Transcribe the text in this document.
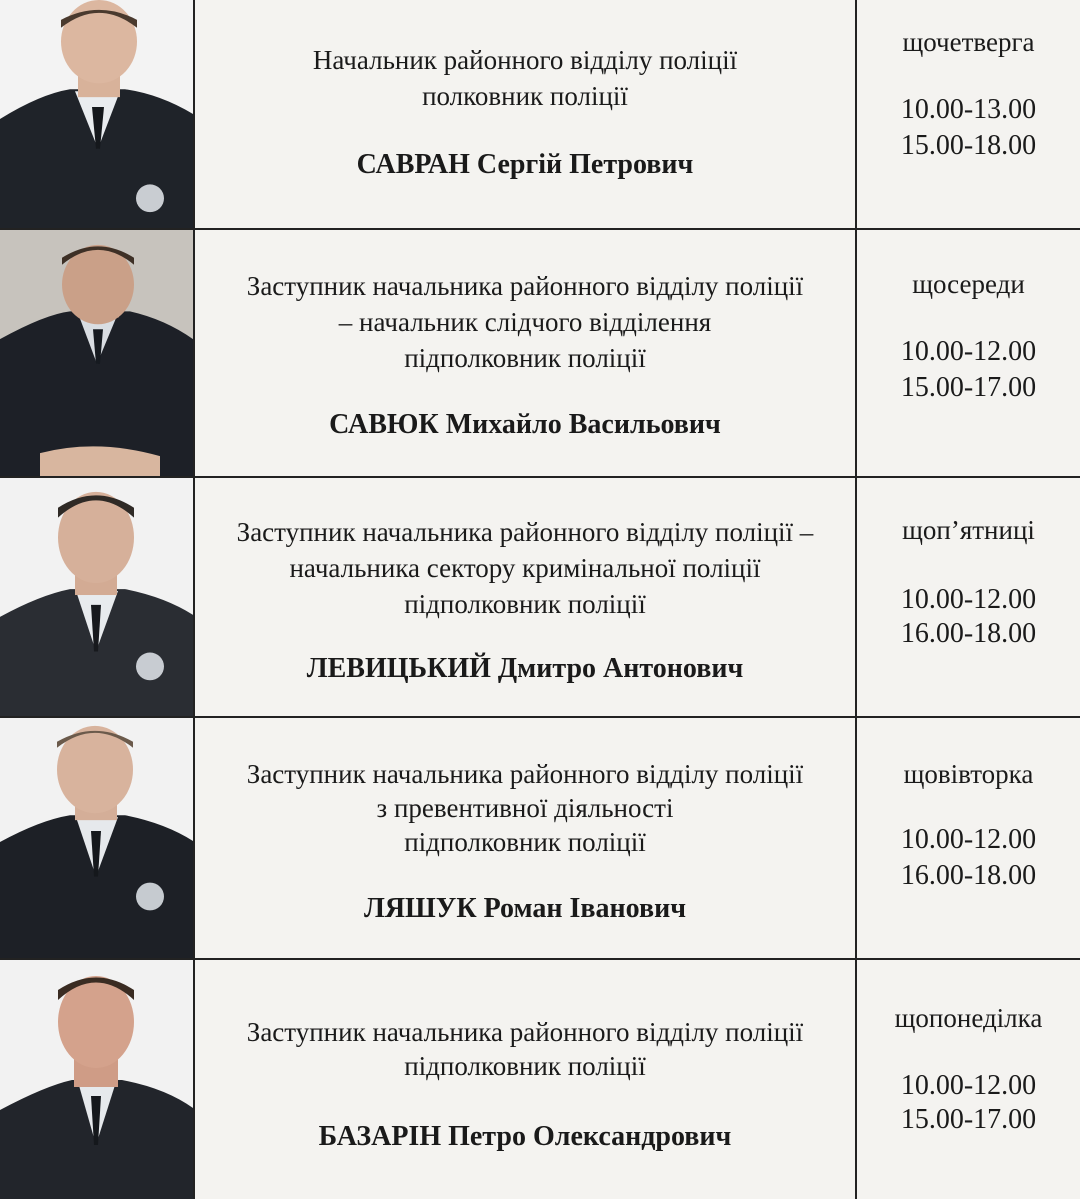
Начальник районного відділу поліції
полковник поліції
САВРАН Сергій Петрович
щочетверга
10.00-13.00
15.00-18.00
Заступник начальника районного відділу поліції
– начальник слідчого відділення
підполковник поліції
САВЮК Михайло Васильович
щосереди
10.00-12.00
15.00-17.00
Заступник начальника районного відділу поліції –
начальника сектору кримінальної поліції
підполковник поліції
ЛЕВИЦЬКИЙ Дмитро Антонович
щоп’ятниці
10.00-12.00
16.00-18.00
Заступник начальника районного відділу поліції
з превентивної діяльності
підполковник поліції
ЛЯШУК Роман Іванович
щовівторка
10.00-12.00
16.00-18.00
Заступник начальника районного відділу поліції
підполковник поліції
БАЗАРІН Петро Олександрович
щопонеділка
10.00-12.00
15.00-17.00
